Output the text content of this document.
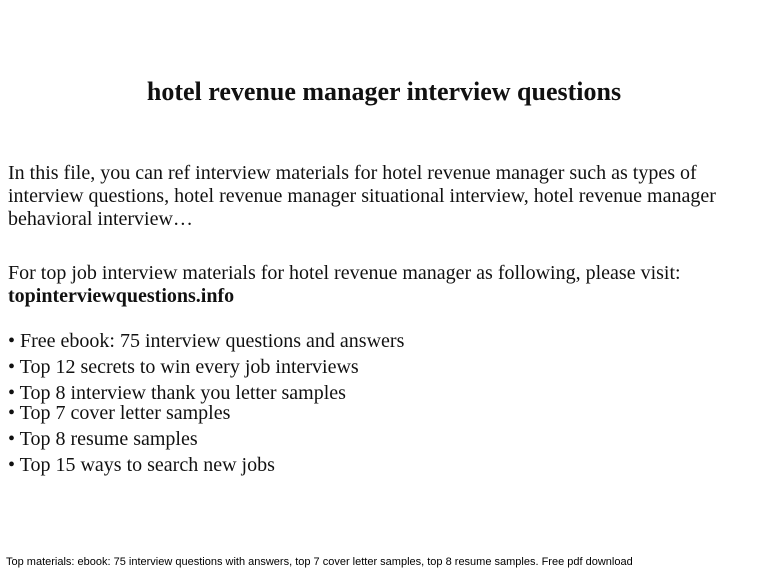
hotel revenue manager interview questions

In this file, you can ref interview materials for hotel revenue manager such as types of interview questions, hotel revenue manager situational interview, hotel revenue manager behavioral interview…

For top job interview materials for hotel revenue manager as following, please visit:
topinterviewquestions.info

• Free ebook: 75 interview questions and answers
• Top 12 secrets to win every job interviews
• Top 8 interview thank you letter samples
• Top 7 cover letter samples
• Top 8 resume samples
• Top 15 ways to search new jobs
Top materials: ebook: 75 interview questions with answers, top 7 cover letter samples, top 8 resume samples. Free pdf download
